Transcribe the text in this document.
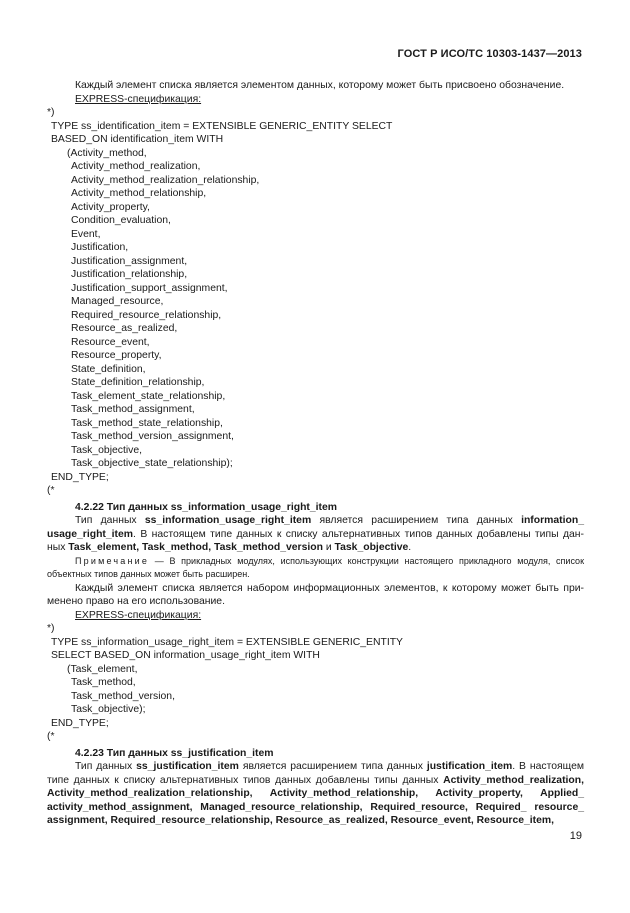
ГОСТ Р ИСО/ТС 10303-1437—2013

Каждый элемент списка является элементом данных, которому может быть присвоено обозначение.

EXPRESS-спецификация:
*)
TYPE ss_identification_item = EXTENSIBLE GENERIC_ENTITY SELECT
BASED_ON identification_item WITH
(Activity_method,
Activity_method_realization,
Activity_method_realization_relationship,
Activity_method_relationship,
Activity_property,
Condition_evaluation,
Event,
Justification,
Justification_assignment,
Justification_relationship,
Justification_support_assignment,
Managed_resource,
Required_resource_relationship,
Resource_as_realized,
Resource_event,
Resource_property,
State_definition,
State_definition_relationship,
Task_element_state_relationship,
Task_method_assignment,
Task_method_state_relationship,
Task_method_version_assignment,
Task_objective,
Task_objective_state_relationship);
END_TYPE;
(*
4.2.22 Тип данных ss_information_usage_right_item

Тип данных ss_information_usage_right_item является расширением типа данных information_ usage_right_item. В настоящем типе данных к списку альтернативных типов данных добавлены типы дан-ных Task_element, Task_method, Task_method_version и Task_objective.

Примечание — В прикладных модулях, использующих конструкции настоящего прикладного модуля, список объектных типов данных может быть расширен.

Каждый элемент списка является набором информационных элементов, к которому может быть при-менено право на его использование.

EXPRESS-спецификация:
*)
TYPE ss_information_usage_right_item = EXTENSIBLE GENERIC_ENTITY
SELECT BASED_ON information_usage_right_item WITH
(Task_element,
Task_method,
Task_method_version,
Task_objective);
END_TYPE;
(*
4.2.23 Тип данных ss_justification_item

Тип данных ss_justification_item является расширением типа данных justification_item. В настоящем типе данных к списку альтернативных типов данных добавлены типы данных Activity_method_realization, Activity_method_realization_relationship, Activity_method_relationship, Activity_property, Applied_ activity_method_assignment, Managed_resource_relationship, Required_resource, Required_ resource_ assignment, Required_resource_relationship, Resource_as_realized, Resource_event, Resource_item,

19
